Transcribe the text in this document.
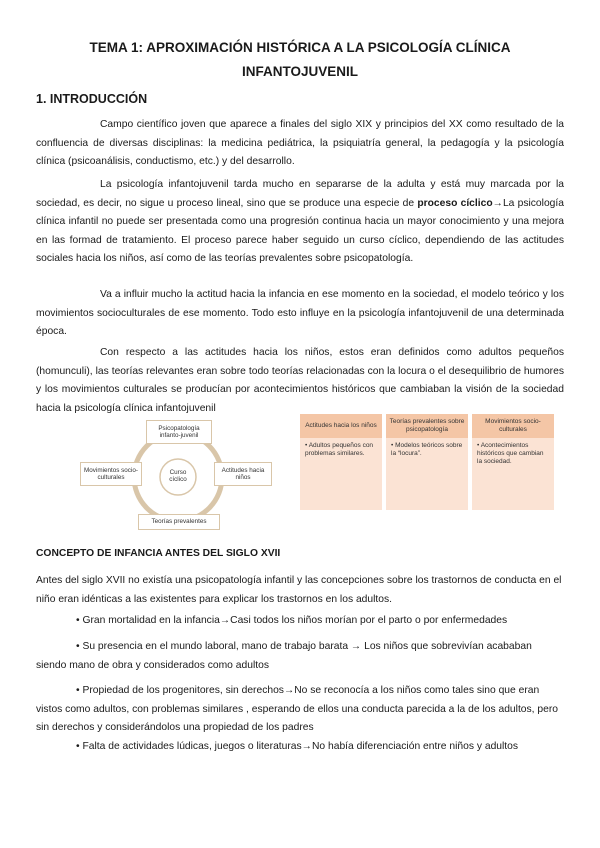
TEMA 1: APROXIMACIÓN HISTÓRICA A LA PSICOLOGÍA CLÍNICA
INFANTOJUVENIL
1. INTRODUCCIÓN
Campo científico joven que aparece a finales del siglo XIX y principios del XX como resultado de la confluencia de diversas disciplinas: la medicina pediátrica, la psiquiatría general, la pedagogía y la psicología clínica (psicoanálisis, conductismo, etc.) y del desarrollo.
La psicología infantojuvenil tarda mucho en separarse de la adulta y está muy marcada por la sociedad, es decir, no sigue u proceso lineal, sino que se produce una especie de proceso cíclico→La psicología clínica infantil no puede ser presentada como una progresión continua hacia un mayor conocimiento y una mejora en las formad de tratamiento. El proceso parece haber seguido un curso cíclico, dependiendo de las actitudes sociales hacia los niños, así como de las teorías prevalentes sobre psicopatología.
Va a influir mucho la actitud hacia la infancia en ese momento en la sociedad, el modelo teórico y los movimientos socioculturales de ese momento. Todo esto influye en la psicología infantojuvenil de una determinada época.
Con respecto a las actitudes hacia los niños, estos eran definidos como adultos pequeños (homunculi), las teorías relevantes eran sobre todo teorías relacionadas con la locura o el desequilibrio de humores y los movimientos culturales se producían por acontecimientos históricos que cambiaban la visión de la sociedad hacia la psicología clínica infantojuvenil
Psicopatología infanto-juvenil
Actitudes hacia niños
Teorías prevalentes
Movimientos socio-culturales
Curso cíclico
Actitudes hacia los niños
• Adultos pequeños con problemas similares.
Teorías prevalentes sobre psicopatología
• Modelos teóricos sobre la “locura”.
Movimientos socio-culturales
• Acontecimientos históricos que cambian la sociedad.
CONCEPTO DE INFANCIA ANTES DEL SIGLO XVII
Antes del siglo XVII no existía una psicopatología infantil y las concepciones sobre los trastornos de conducta en el niño eran idénticas a las existentes para explicar los trastornos en los adultos.
• Gran mortalidad en la infancia→Casi todos los niños morían por el parto o por enfermedades
• Su presencia en el mundo laboral, mano de trabajo barata → Los niños que sobrevivían acababan siendo mano de obra y considerados como adultos
• Propiedad de los progenitores, sin derechos→No se reconocía a los niños como tales sino que eran vistos como adultos, con problemas similares , esperando de ellos una conducta parecida a la de los adultos, pero sin derechos y considerándolos una propiedad de los padres
• Falta de actividades lúdicas, juegos o literaturas→No había diferenciación entre niños y adultos
